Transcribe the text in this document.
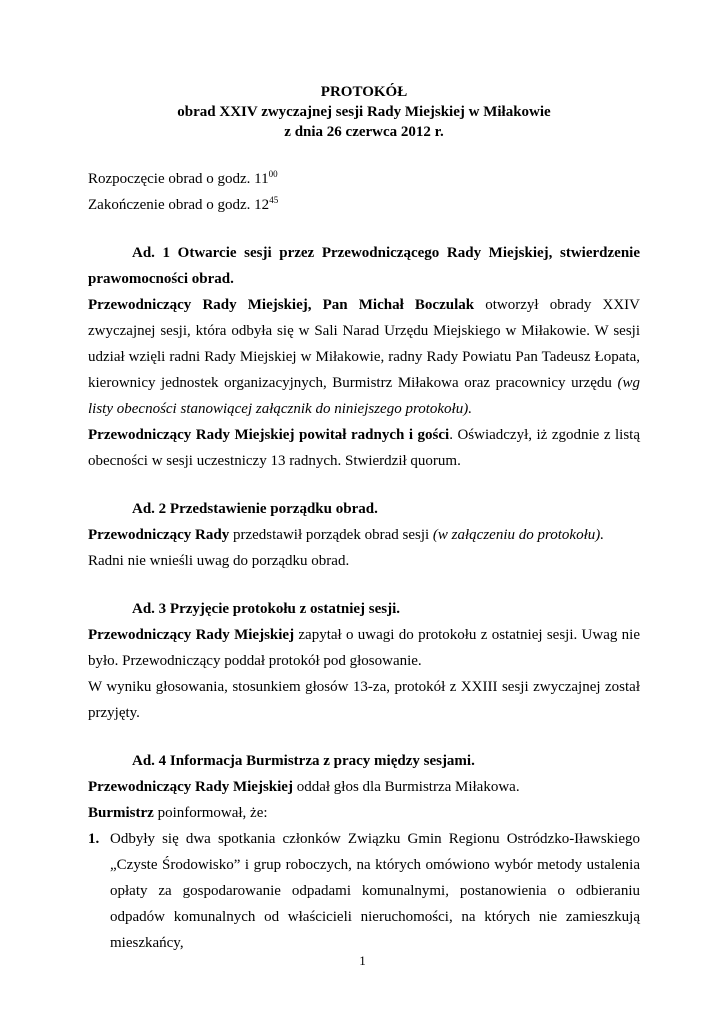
PROTOKÓŁ
obrad XXIV zwyczajnej sesji Rady Miejskiej w Miłakowie
z dnia 26 czerwca 2012 r.
Rozpoczęcie obrad o godz. $11^{00}$
Zakończenie obrad o godz. $12^{45}$

Ad. 1 Otwarcie sesji przez Przewodniczącego Rady Miejskiej, stwierdzenie prawomocności obrad.

Przewodniczący Rady Miejskiej, Pan Michał Boczulak otworzył obrady XXIV zwyczajnej sesji, która odbyła się w Sali Narad Urzędu Miejskiego w Miłakowie. W sesji udział wzięli radni Rady Miejskiej w Miłakowie, radny Rady Powiatu Pan Tadeusz Łopata, kierownicy jednostek organizacyjnych, Burmistrz Miłakowa oraz pracownicy urzędu (wg listy obecności stanowiącej załącznik do niniejszego protokołu).

Przewodniczący Rady Miejskiej powitał radnych i gości. Oświadczył, iż zgodnie z listą obecności w sesji uczestniczy 13 radnych. Stwierdził quorum.

Ad. 2 Przedstawienie porządku obrad.

Przewodniczący Rady przedstawił porządek obrad sesji (w załączeniu do protokołu).

Radni nie wnieśli uwag do porządku obrad.

Ad. 3 Przyjęcie protokołu z ostatniej sesji.

Przewodniczący Rady Miejskiej zapytał o uwagi do protokołu z ostatniej sesji. Uwag nie było. Przewodniczący poddał protokół pod głosowanie.

W wyniku głosowania, stosunkiem głosów 13-za, protokół z XXIII sesji zwyczajnej został przyjęty.

Ad. 4 Informacja Burmistrza z pracy między sesjami.

Przewodniczący Rady Miejskiej oddał głos dla Burmistrza Miłakowa.

Burmistrz poinformował, że:

1. Odbyły się dwa spotkania członków Związku Gmin Regionu Ostródzko-Iławskiego „Czyste Środowisko” i grup roboczych, na których omówiono wybór metody ustalenia opłaty za gospodarowanie odpadami komunalnymi, postanowienia o odbieraniu odpadów komunalnych od właścicieli nieruchomości, na których nie zamieszkują mieszkańcy,
1
